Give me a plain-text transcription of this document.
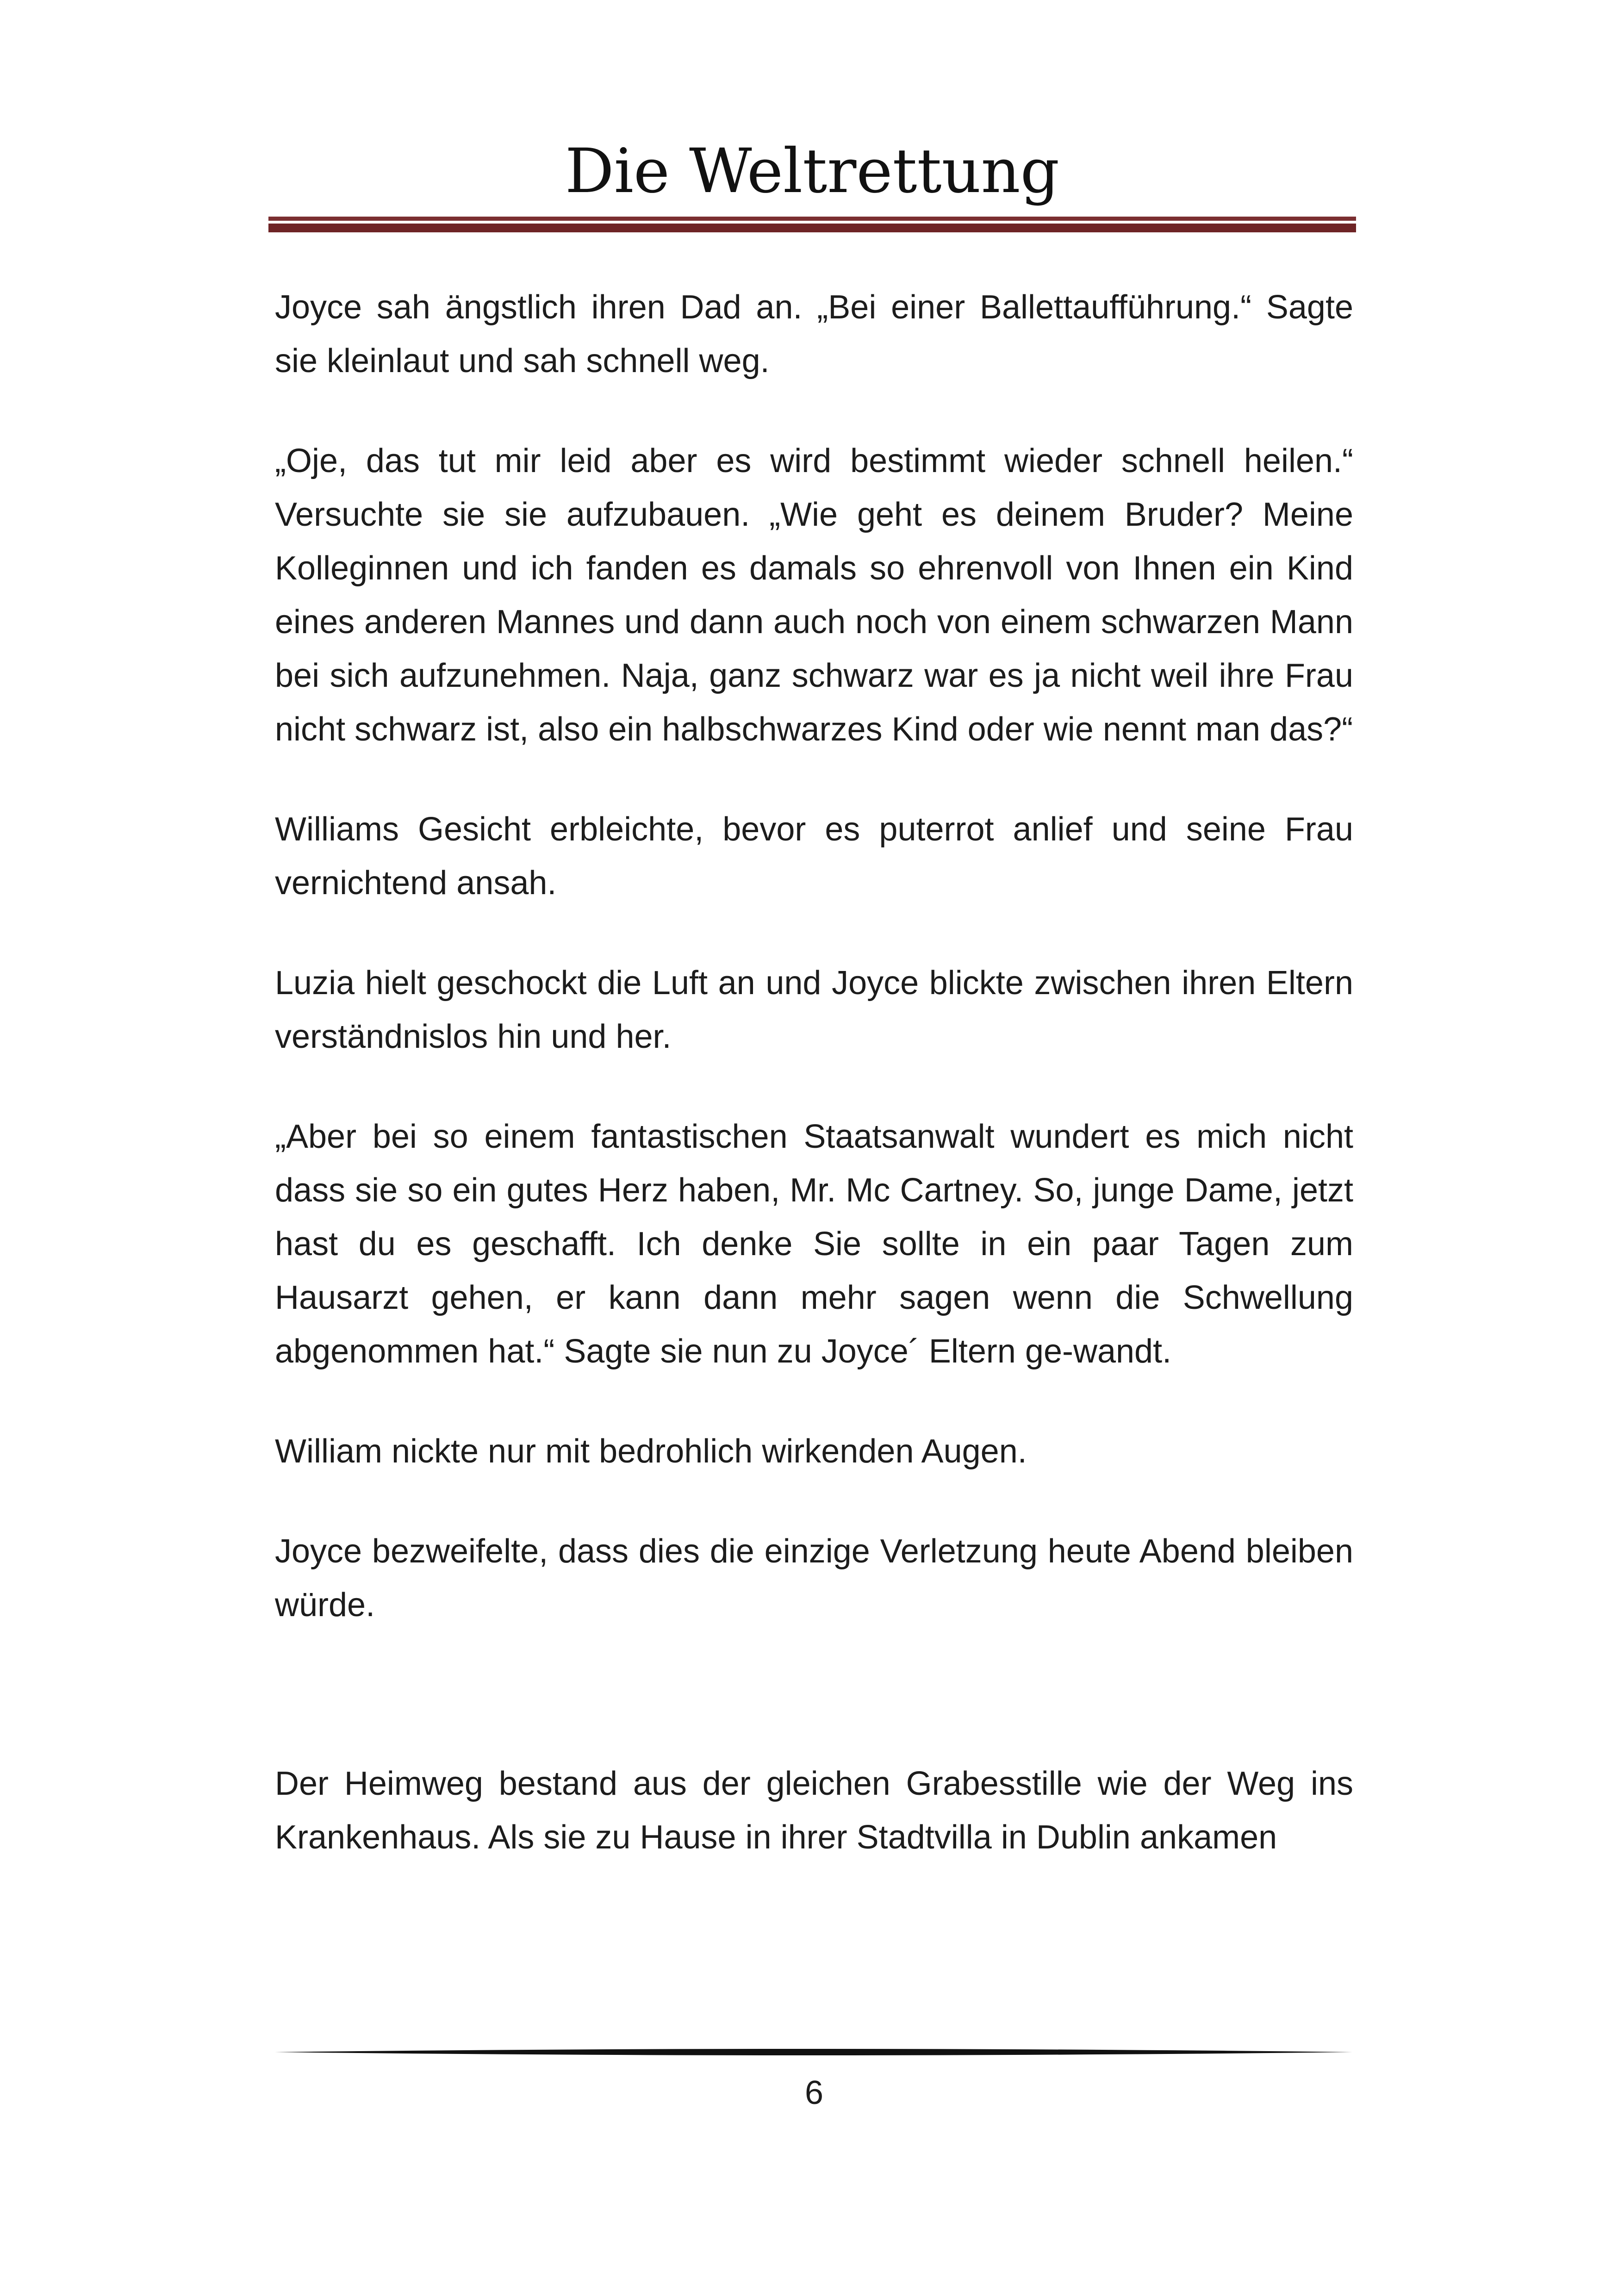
Die Weltrettung

Joyce sah ängstlich ihren Dad an. „Bei einer Ballettaufführung.“ Sagte sie kleinlaut und sah schnell weg.

„Oje, das tut mir leid aber es wird bestimmt wieder schnell heilen.“ Versuchte sie sie aufzubauen. „Wie geht es deinem Bruder? Meine Kolleginnen und ich fanden es damals so ehrenvoll von Ihnen ein Kind eines anderen Mannes und dann auch noch von einem schwarzen Mann bei sich aufzunehmen. Naja, ganz schwarz war es ja nicht weil ihre Frau nicht schwarz ist, also ein halbschwarzes Kind oder wie nennt man das?“

Williams Gesicht erbleichte, bevor es puterrot anlief und seine Frau vernichtend ansah.

Luzia hielt geschockt die Luft an und Joyce blickte zwischen ihren Eltern verständnislos hin und her.

„Aber bei so einem fantastischen Staatsanwalt wundert es mich nicht dass sie so ein gutes Herz haben, Mr. Mc Cartney. So, junge Dame, jetzt hast du es geschafft. Ich denke Sie sollte in ein paar Tagen zum Hausarzt gehen, er kann dann mehr sagen wenn die Schwellung abgenommen hat.“ Sagte sie nun zu Joyce´ Eltern ge-wandt.

William nickte nur mit bedrohlich wirkenden Augen.

Joyce bezweifelte, dass dies die einzige Verletzung heute Abend bleiben würde.

Der Heimweg bestand aus der gleichen Grabesstille wie der Weg ins Krankenhaus. Als sie zu Hause in ihrer Stadtvilla in Dublin ankamen

6
